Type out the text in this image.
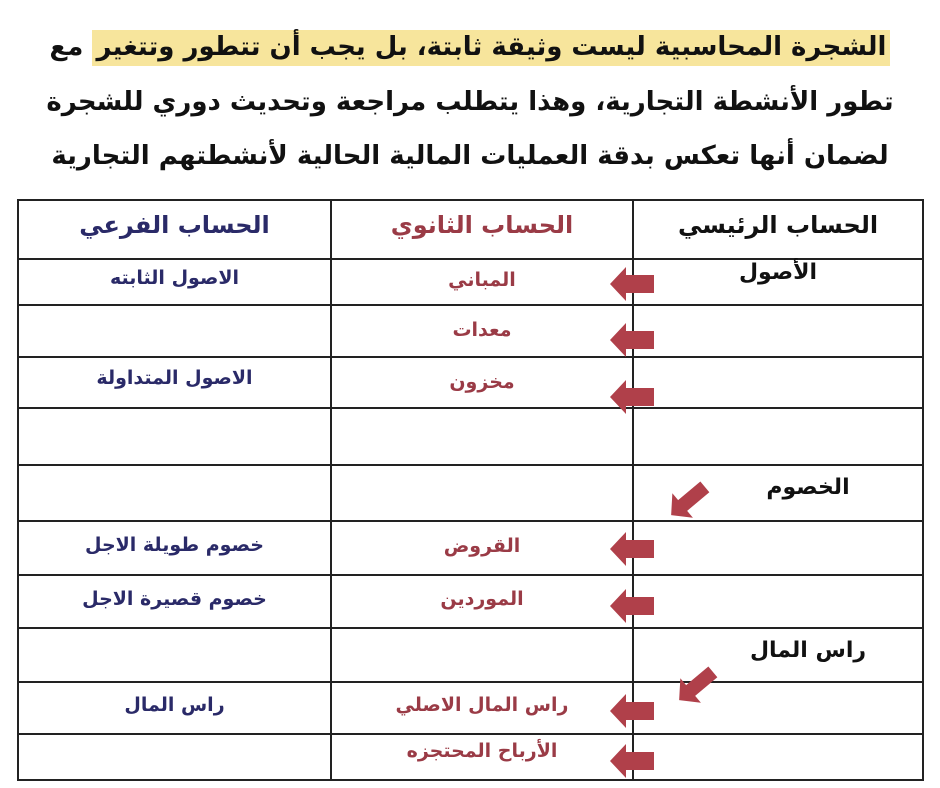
الشجرة المحاسبية ليست وثيقة ثابتة، بل يجب أن تتطور وتتغير مع
تطور الأنشطة التجارية، وهذا يتطلب مراجعة وتحديث دوري للشجرة
لضمان أنها تعكس بدقة العمليات المالية الحالية لأنشطتهم التجارية
الحساب الفرعي	الحساب الثانوي	الحساب الرئيسي

الاصول الثابته	المباني	الأصول

	معدات	

الاصول المتداولة	مخزون	

		الخصوم

خصوم طويلة الاجل	القروض	

خصوم قصيرة الاجل	الموردين	

		راس المال

راس المال	راس المال الاصلي	

	الأرباح المحتجزه	
